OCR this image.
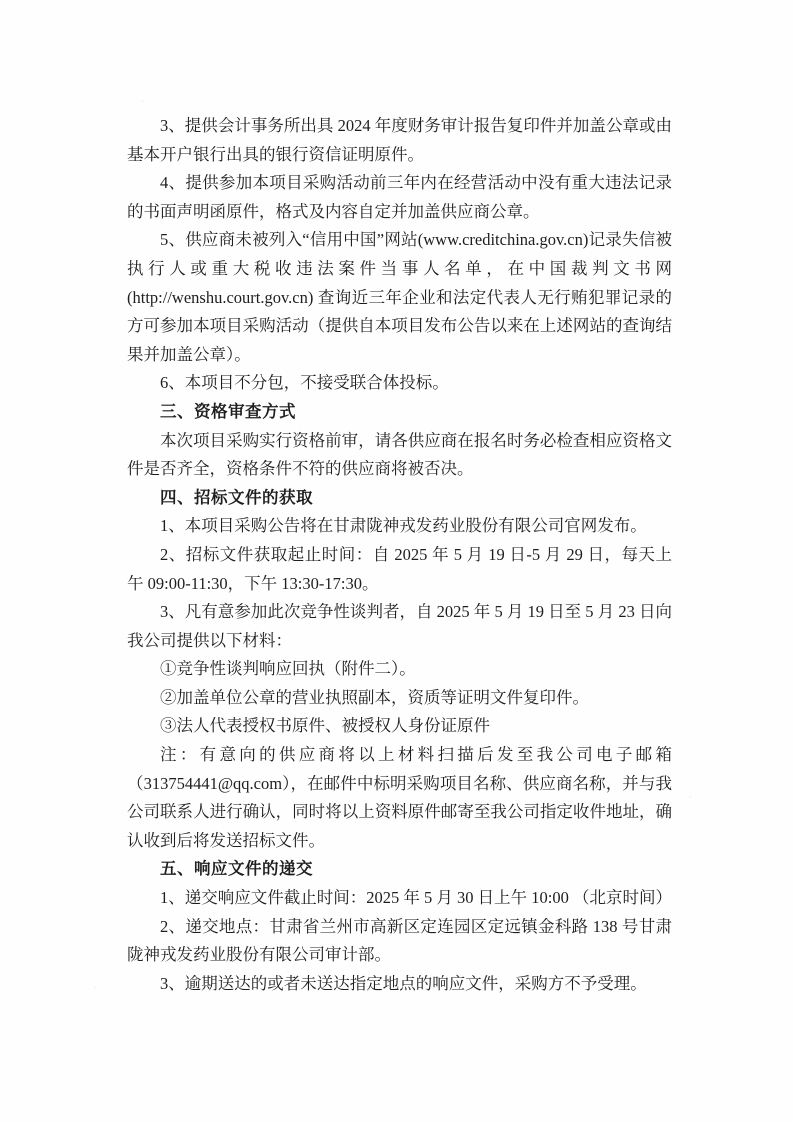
3、提供会计事务所出具 2024 年度财务审计报告复印件并加盖公章或由基本开户银行出具的银行资信证明原件。

4、提供参加本项目采购活动前三年内在经营活动中没有重大违法记录的书面声明函原件，格式及内容自定并加盖供应商公章。

5、供应商未被列入“信用中国”网站(www.creditchina.gov.cn)记录失信被执行人或重大税收违法案件当事人名单，在中国裁判文书网(http://wenshu.court.gov.cn) 查询近三年企业和法定代表人无行贿犯罪记录的方可参加本项目采购活动（提供自本项目发布公告以来在上述网站的查询结果并加盖公章）。

6、本项目不分包，不接受联合体投标。

三、资格审查方式

本次项目采购实行资格前审，请各供应商在报名时务必检查相应资格文件是否齐全，资格条件不符的供应商将被否决。

四、招标文件的获取

1、本项目采购公告将在甘肃陇神戎发药业股份有限公司官网发布。

2、招标文件获取起止时间：自 2025 年 5 月 19 日-5 月 29 日，每天上午 09:00-11:30，下午 13:30-17:30。

3、凡有意参加此次竞争性谈判者，自 2025 年 5 月 19 日至 5 月 23 日向我公司提供以下材料：

①竞争性谈判响应回执（附件二）。

②加盖单位公章的营业执照副本，资质等证明文件复印件。

③法人代表授权书原件、被授权人身份证原件

注：有意向的供应商将以上材料扫描后发至我公司电子邮箱（313754441@qq.com），在邮件中标明采购项目名称、供应商名称，并与我公司联系人进行确认，同时将以上资料原件邮寄至我公司指定收件地址，确认收到后将发送招标文件。

五、响应文件的递交

1、递交响应文件截止时间：2025 年 5 月 30 日上午 10:00 （北京时间）

2、递交地点：甘肃省兰州市高新区定连园区定远镇金科路 138 号甘肃陇神戎发药业股份有限公司审计部。

3、逾期送达的或者未送达指定地点的响应文件，采购方不予受理。
